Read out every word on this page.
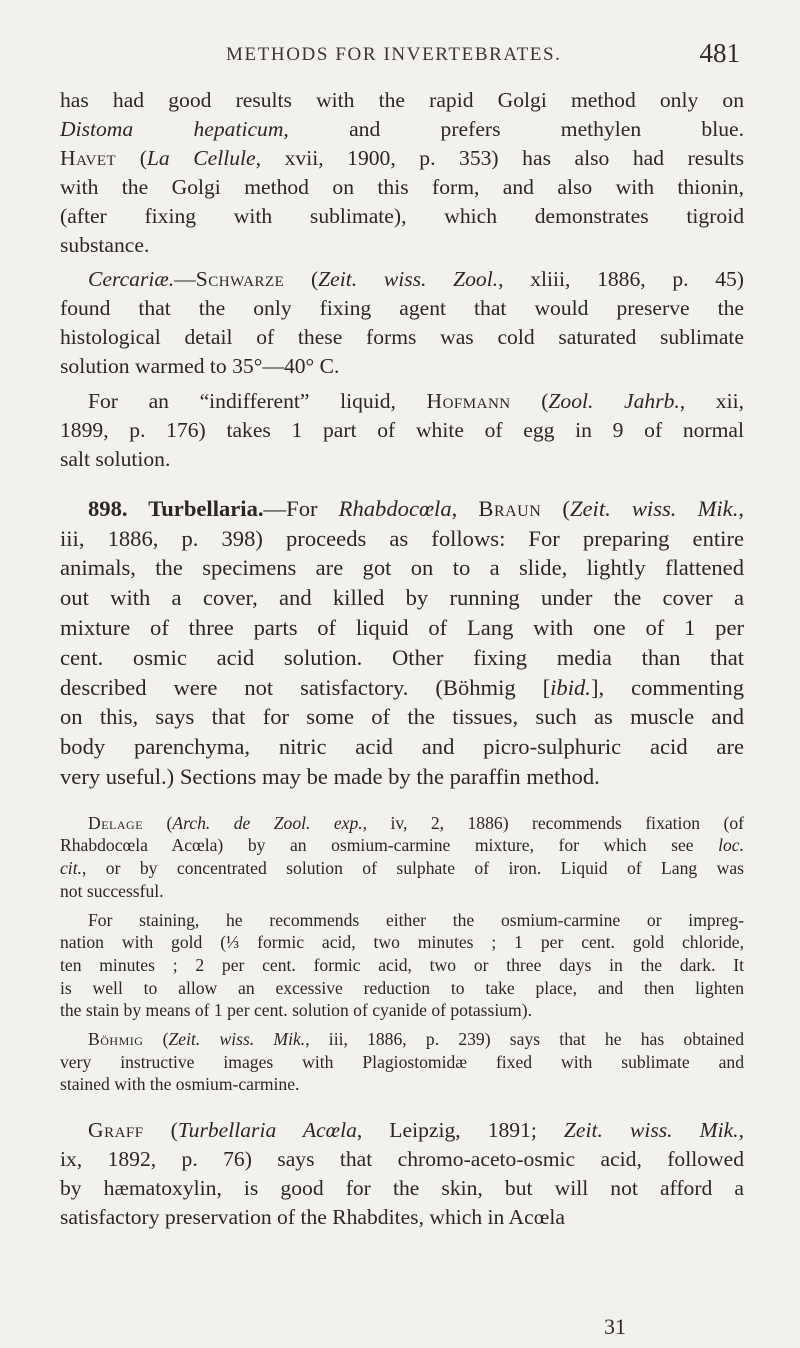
METHODS FOR INVERTEBRATES.	481
has had good results with the rapid Golgi method only on
Distoma hepaticum, and prefers methylen blue.
Havet (La Cellule, xvii, 1900, p. 353) has also had results
with the Golgi method on this form, and also with thionin,
(after fixing with sublimate), which demonstrates tigroid
substance.
Cercariæ.—Schwarze (Zeit. wiss. Zool., xliii, 1886, p. 45)
found that the only fixing agent that would preserve the
histological detail of these forms was cold saturated sublimate
solution warmed to 35°—40° C.
For an “indifferent” liquid, Hofmann (Zool. Jahrb., xii,
1899, p. 176) takes 1 part of white of egg in 9 of normal
salt solution.
898. Turbellaria.—For Rhabdocœla, Braun (Zeit. wiss. Mik.,
iii, 1886, p. 398) proceeds as follows: For preparing entire
animals, the specimens are got on to a slide, lightly flattened
out with a cover, and killed by running under the cover a
mixture of three parts of liquid of Lang with one of 1 per
cent. osmic acid solution. Other fixing media than that
described were not satisfactory. (Böhmig [ibid.], commenting
on this, says that for some of the tissues, such as muscle and
body parenchyma, nitric acid and picro-sulphuric acid are
very useful.) Sections may be made by the paraffin method.
Delage (Arch. de Zool. exp., iv, 2, 1886) recommends fixation (of
Rhabdocœla Acœla) by an osmium-carmine mixture, for which see loc.
cit., or by concentrated solution of sulphate of iron. Liquid of Lang was
not successful.
For staining, he recommends either the osmium-carmine or impreg-
nation with gold (⅓ formic acid, two minutes ; 1 per cent. gold chloride,
ten minutes ; 2 per cent. formic acid, two or three days in the dark. It
is well to allow an excessive reduction to take place, and then lighten
the stain by means of 1 per cent. solution of cyanide of potassium).
Böhmig (Zeit. wiss. Mik., iii, 1886, p. 239) says that he has obtained
very instructive images with Plagiostomidæ fixed with sublimate and
stained with the osmium-carmine.
Graff (Turbellaria Acœla, Leipzig, 1891; Zeit. wiss. Mik.,
ix, 1892, p. 76) says that chromo-aceto-osmic acid, followed
by hæmatoxylin, is good for the skin, but will not afford a
satisfactory preservation of the Rhabdites, which in Acœla
31
